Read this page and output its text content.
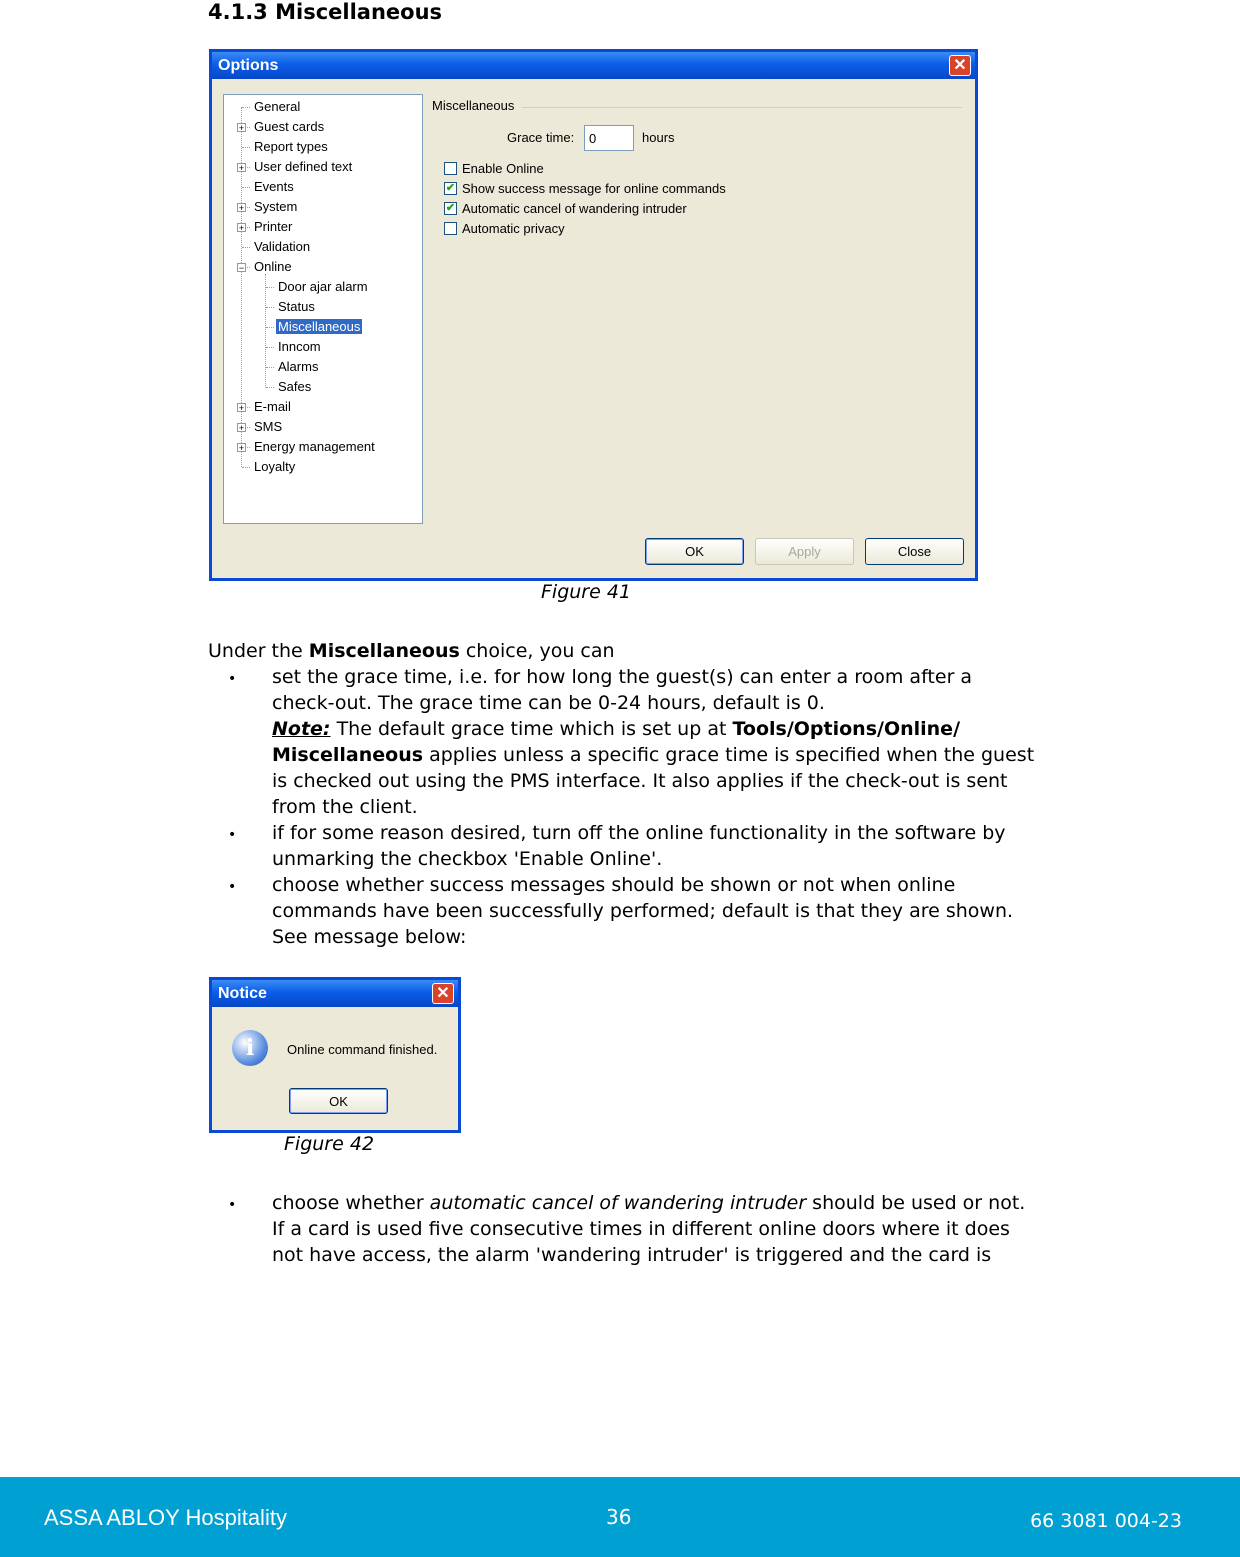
4.1.3 Miscellaneous
Options	✕
General
+ Guest cards
Report types
+ User defined text
Events
+ System
+ Printer
Validation
− Online
Door ajar alarm
Status
Miscellaneous
Inncom
Alarms
Safes
+ E-mail
+ SMS
+ Energy management
Loyalty
Miscellaneous
Grace time:
0	hours
Enable Online
✔ Show success message for online commands
✔ Automatic cancel of wandering intruder
Automatic privacy
OK	Apply	Close
Figure 41

Under the Miscellaneous choice, you can

• set the grace time, i.e. for how long the guest(s) can enter a room after a
check-out. The grace time can be 0-24 hours, default is 0.
Note: The default grace time which is set up at Tools/Options/Online/
Miscellaneous applies unless a specific grace time is specified when the guest
is checked out using the PMS interface. It also applies if the check-out is sent
from the client.
• if for some reason desired, turn off the online functionality in the software by
unmarking the checkbox 'Enable Online'.
• choose whether success messages should be shown or not when online
commands have been successfully performed; default is that they are shown.
See message below:
Notice	✕
i	Online command finished.
OK
Figure 42
• choose whether automatic cancel of wandering intruder should be used or not.
If a card is used five consecutive times in different online doors where it does
not have access, the alarm 'wandering intruder' is triggered and the card is
ASSA ABLOY Hospitality	36	66 3081 004-23
